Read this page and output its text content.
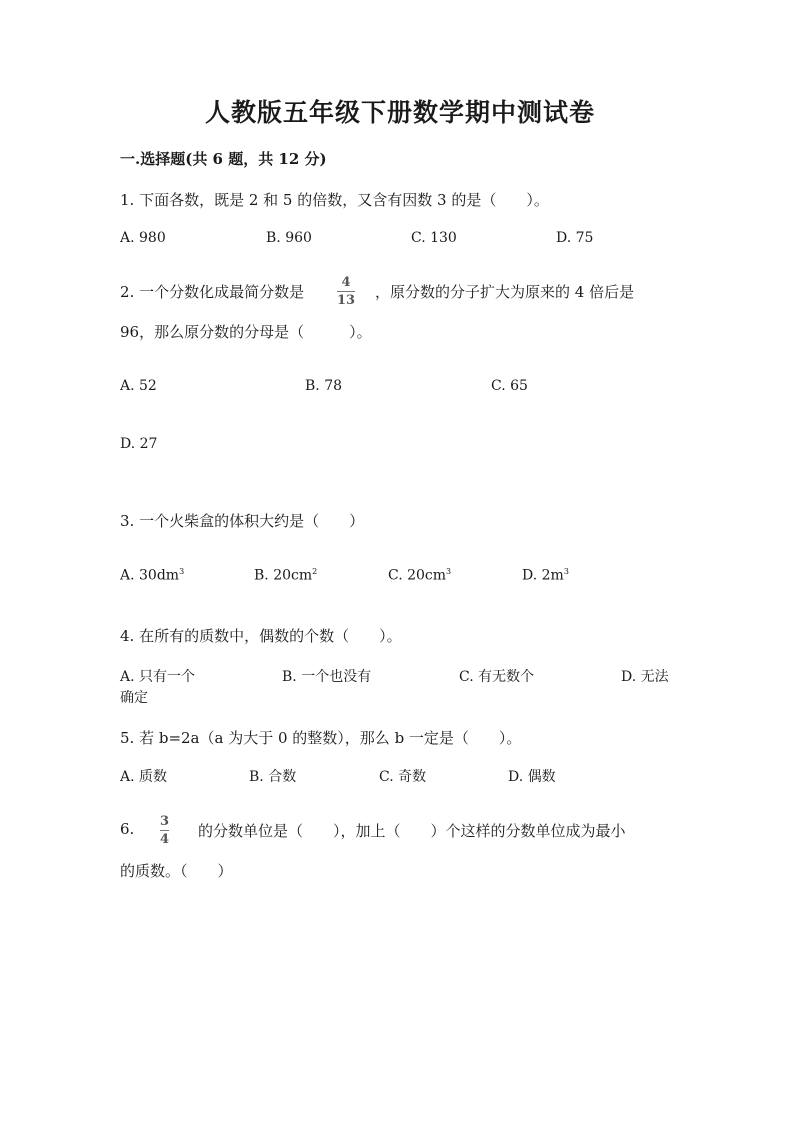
人教版五年级下册数学期中测试卷
一.选择题(共 6 题，共 12 分)
1. 下面各数，既是 2 和 5 的倍数，又含有因数 3 的是（　　）。
A. 980	B. 960	C. 130	D. 75
2. 一个分数化成最简分数是
4
13 ，原分数的分子扩大为原来的 4 倍后是
96，那么原分数的分母是（　　　）。
A. 52	B. 78	C. 65
D. 27
3. 一个火柴盒的体积大约是（　　）
A. $30dm^3$	B. $20cm^2$	C. $20cm^3$	D. $2m^3$
4. 在所有的质数中，偶数的个数（　　）。
A. 只有一个	B. 一个也没有	C. 有无数个	D. 无法
确定
5. 若 b=2a（a 为大于 0 的整数），那么 b 一定是（　　）。
A. 质数	B. 合数	C. 奇数	D. 偶数
6. 3
4 的分数单位是（　　），加上（　　）个这样的分数单位成为最小
的质数。（　　）
